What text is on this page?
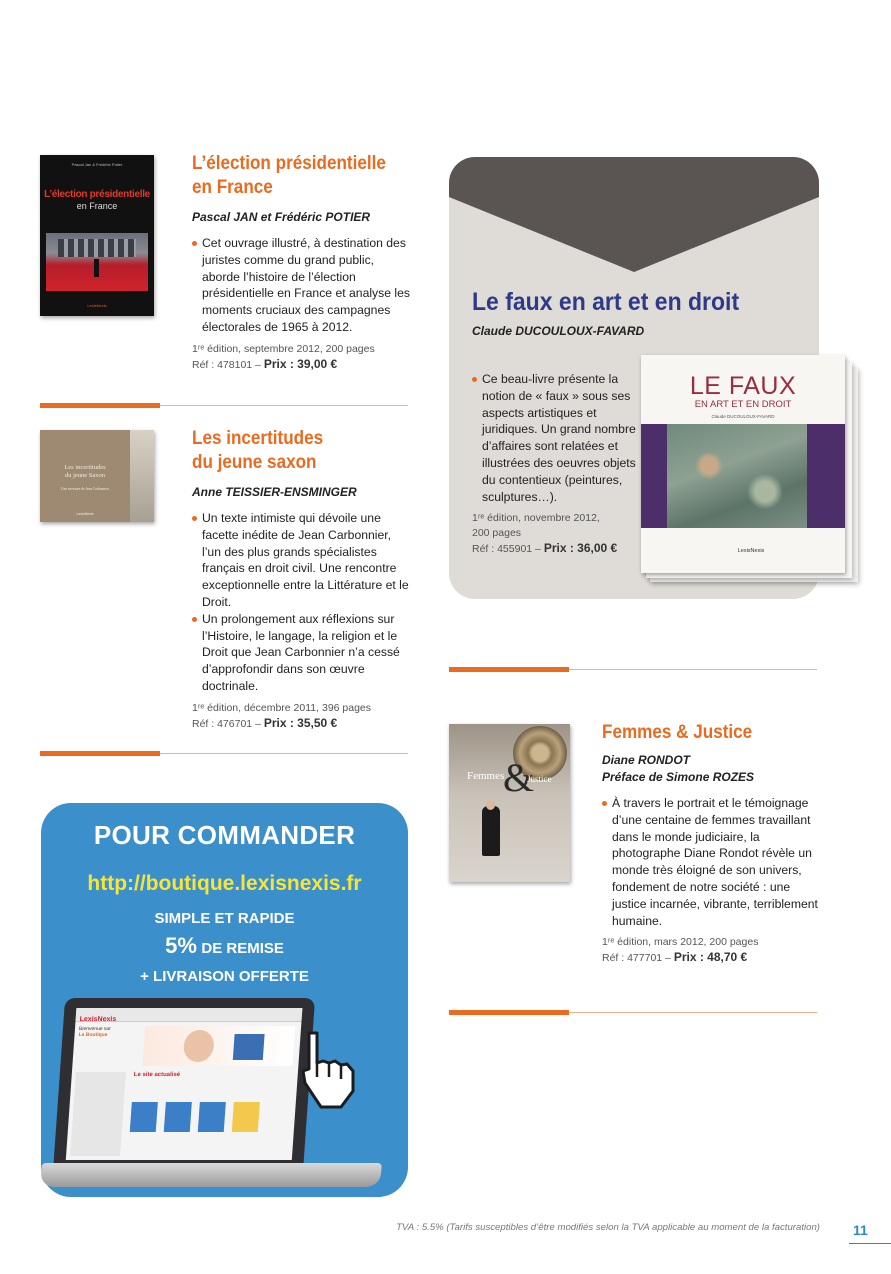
Pascal Jan & Frédéric Potier
L’élection présidentielle
en France
LexisNexis
L’élection présidentielle
en France
Pascal JAN et Frédéric POTIER
Cet ouvrage illustré, à destination des juristes comme du grand public, aborde l’histoire de l’élection présidentielle en France et analyse les moments cruciaux des campagnes électorales de 1965 à 2012.
1ʳᵉ édition, septembre 2012, 200 pages
Réf : 478101 – Prix : 39,00 €
Les incertitudes
du jeune Saxon
Une aventure de Jean Carbonnier
LexisNexis
Les incertitudes
du jeune saxon
Anne TEISSIER-ENSMINGER
Un texte intimiste qui dévoile une facette inédite de Jean Carbonnier, l’un des plus grands spécialistes français en droit civil. Une rencontre exceptionnelle entre la Littérature et le Droit.
Un prolongement aux réflexions sur l’Histoire, le langage, la religion et le Droit que Jean Carbonnier n’a cessé d’approfondir dans son œuvre doctrinale.
1ʳᵉ édition, décembre 2011, 396 pages
Réf : 476701 – Prix : 35,50 €
Le faux en art et en droit
Claude DUCOULOUX-FAVARD
Ce beau-livre présente la notion de « faux » sous ses aspects artistiques et juridiques. Un grand nombre d’affaires sont relatées et illustrées des oeuvres objets du contentieux (peintures, sculptures…).
1ʳᵉ édition, novembre 2012,
200 pages
Réf : 455901 – Prix : 36,00 €
LE FAUX
EN ART ET EN DROIT
Claude DUCOULOUX-FAVARD
LexisNexis
Femmes
&
Justice
Femmes & Justice
Diane RONDOT
Préface de Simone ROZES
À travers le portrait et le témoignage d’une centaine de femmes travaillant dans le monde judiciaire, la photographe Diane Rondot révèle un monde très éloigné de son univers, fondement de notre société : une justice incarnée, vibrante, terriblement humaine.
1ʳᵉ édition, mars 2012, 200 pages
Réf : 477701 – Prix : 48,70 €
POUR COMMANDER
http://boutique.lexisnexis.fr
SIMPLE ET RAPIDE
5% DE REMISE
+ LIVRAISON OFFERTE
LexisNexis
Bienvenue sur
La Boutique
Le site actualisé
TVA : 5.5% (Tarifs susceptibles d’être modifiés selon la TVA applicable au moment de la facturation) 11
